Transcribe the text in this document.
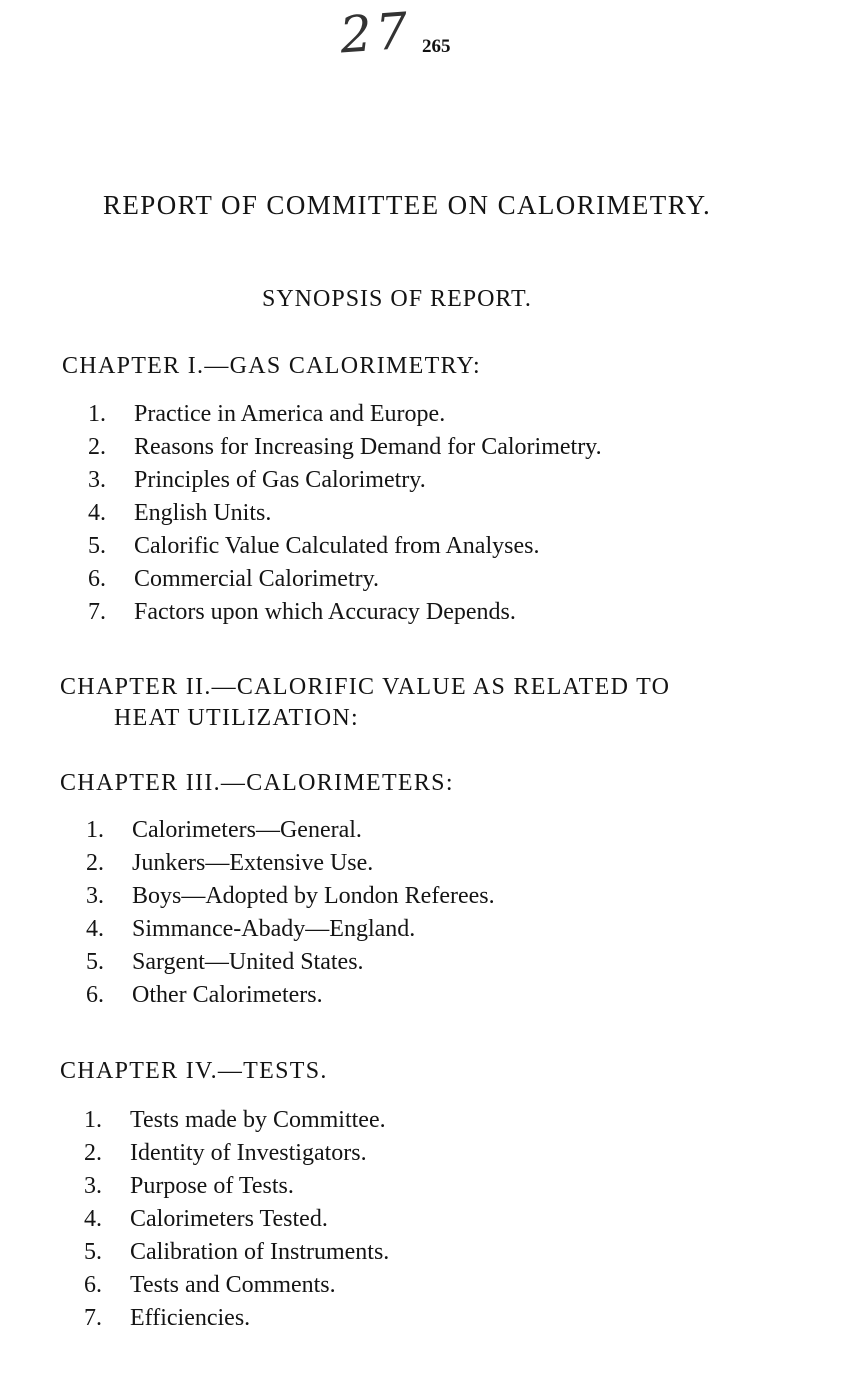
27 265
REPORT OF COMMITTEE ON CALORIMETRY.
SYNOPSIS OF REPORT.
CHAPTER I.—GAS CALORIMETRY:
1.	Practice in America and Europe.
2.	Reasons for Increasing Demand for Calorimetry.
3.	Principles of Gas Calorimetry.
4.	English Units.
5.	Calorific Value Calculated from Analyses.
6.	Commercial Calorimetry.
7.	Factors upon which Accuracy Depends.
CHAPTER II.—CALORIFIC VALUE AS RELATED TO
HEAT UTILIZATION:
CHAPTER III.—CALORIMETERS:
1.	Calorimeters—General.
2.	Junkers—Extensive Use.
3.	Boys—Adopted by London Referees.
4.	Simmance-Abady—England.
5.	Sargent—United States.
6.	Other Calorimeters.
CHAPTER IV.—TESTS.
1.	Tests made by Committee.
2.	Identity of Investigators.
3.	Purpose of Tests.
4.	Calorimeters Tested.
5.	Calibration of Instruments.
6.	Tests and Comments.
7.	Efficiencies.
